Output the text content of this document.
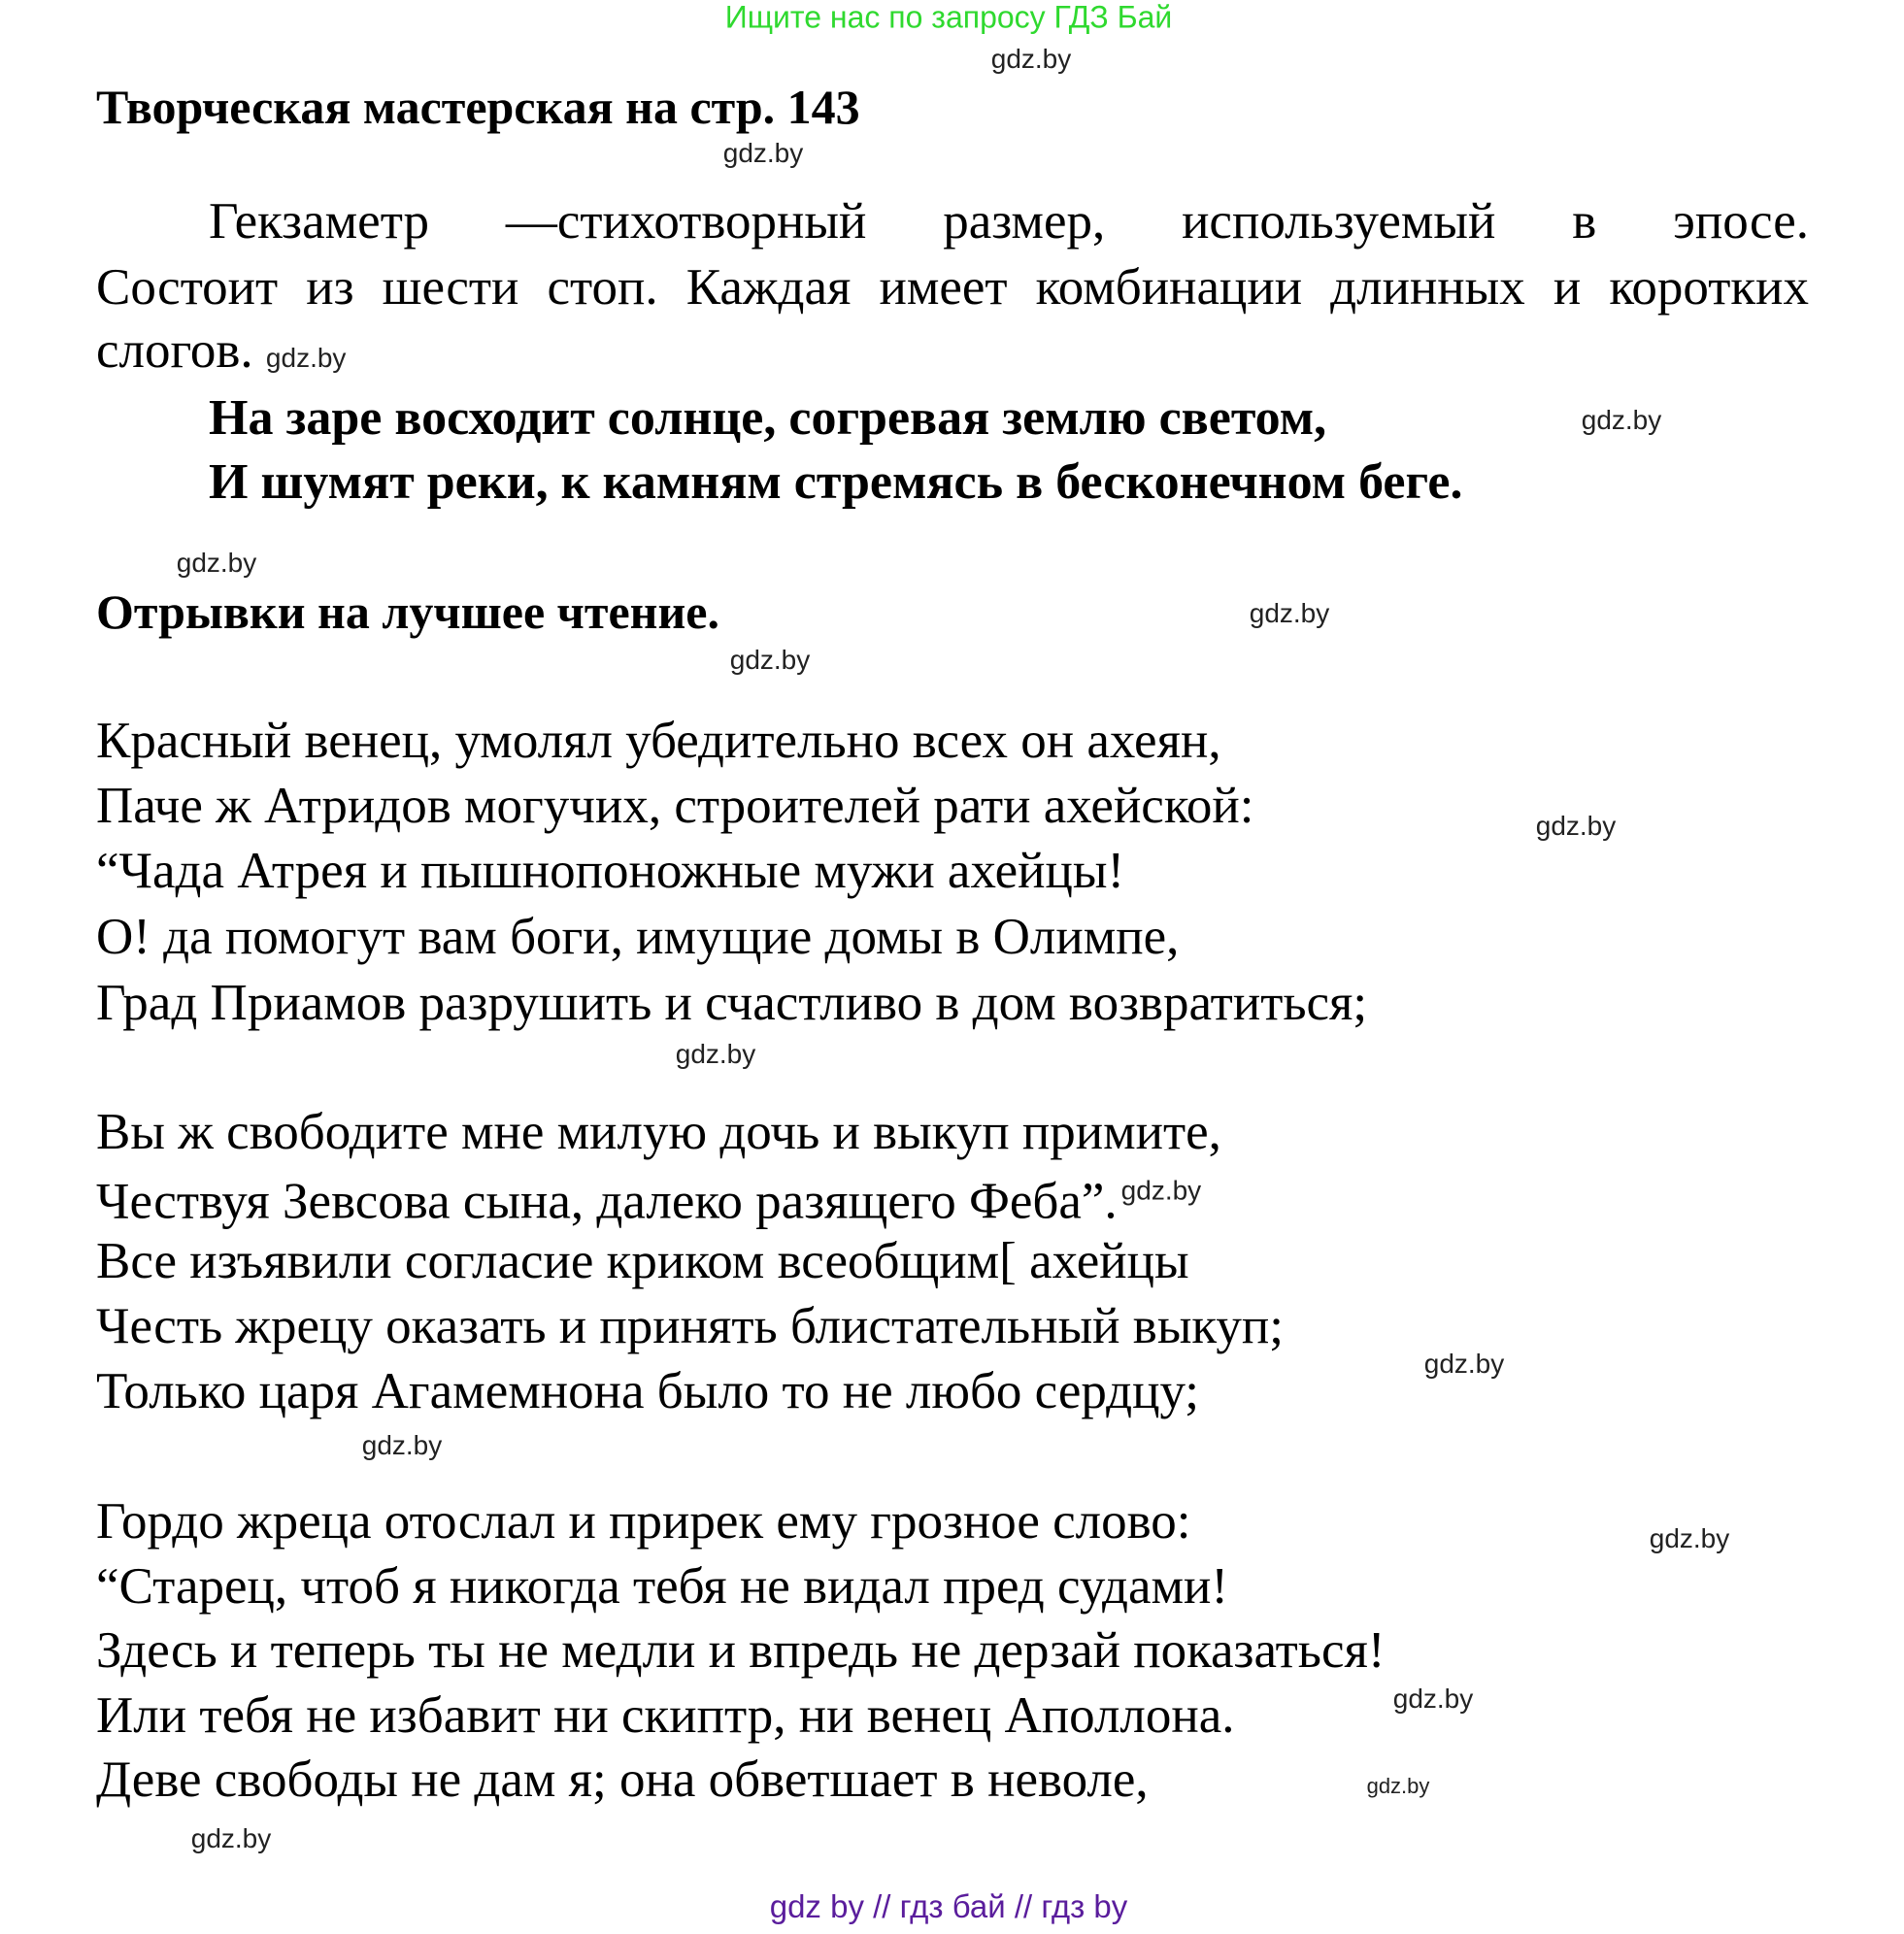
Ищите нас по запросу ГДЗ Бай
Творческая мастерская на стр. 143
Гекзаметр —стихотворный размер, используемый в эпосе.
Состоит из шести стоп. Каждая имеет комбинации длинных и коротких
слогов. gdz.by
На заре восходит солнце, согревая землю светом,
И шумят реки, к камням стремясь в бесконечном беге.
Отрывки на лучшее чтение.
Красный венец, умолял убедительно всех он ахеян,
Паче ж Атридов могучих, строителей рати ахейской:
“Чада Атрея и пышнопоножные мужи ахейцы!
О! да помогут вам боги, имущие домы в Олимпе,
Град Приамов разрушить и счастливо в дом возвратиться;
Вы ж свободите мне милую дочь и выкуп примите,
Чествуя Зевсова сына, далеко разящего Феба”. $^{gdz.by}$
Все изъявили согласие криком всеобщим[ ахейцы
Честь жрецу оказать и принять блистательный выкуп;
Только царя Агамемнона было то не любо сердцу;
Гордо жреца отослал и прирек ему грозное слово:
“Старец, чтоб я никогда тебя не видал пред судами!
Здесь и теперь ты не медли и впредь не дерзай показаться!
Или тебя не избавит ни скиптр, ни венец Аполлона.
Деве свободы не дам я; она обветшает в неволе,
gdz.by
gdz.by
gdz.by
gdz.by
gdz.by
gdz.by
gdz.by
gdz.by
gdz.by
gdz.by
gdz.by
gdz.by
gdz.by
gdz.by
gdz by // гдз бай // гдз by
